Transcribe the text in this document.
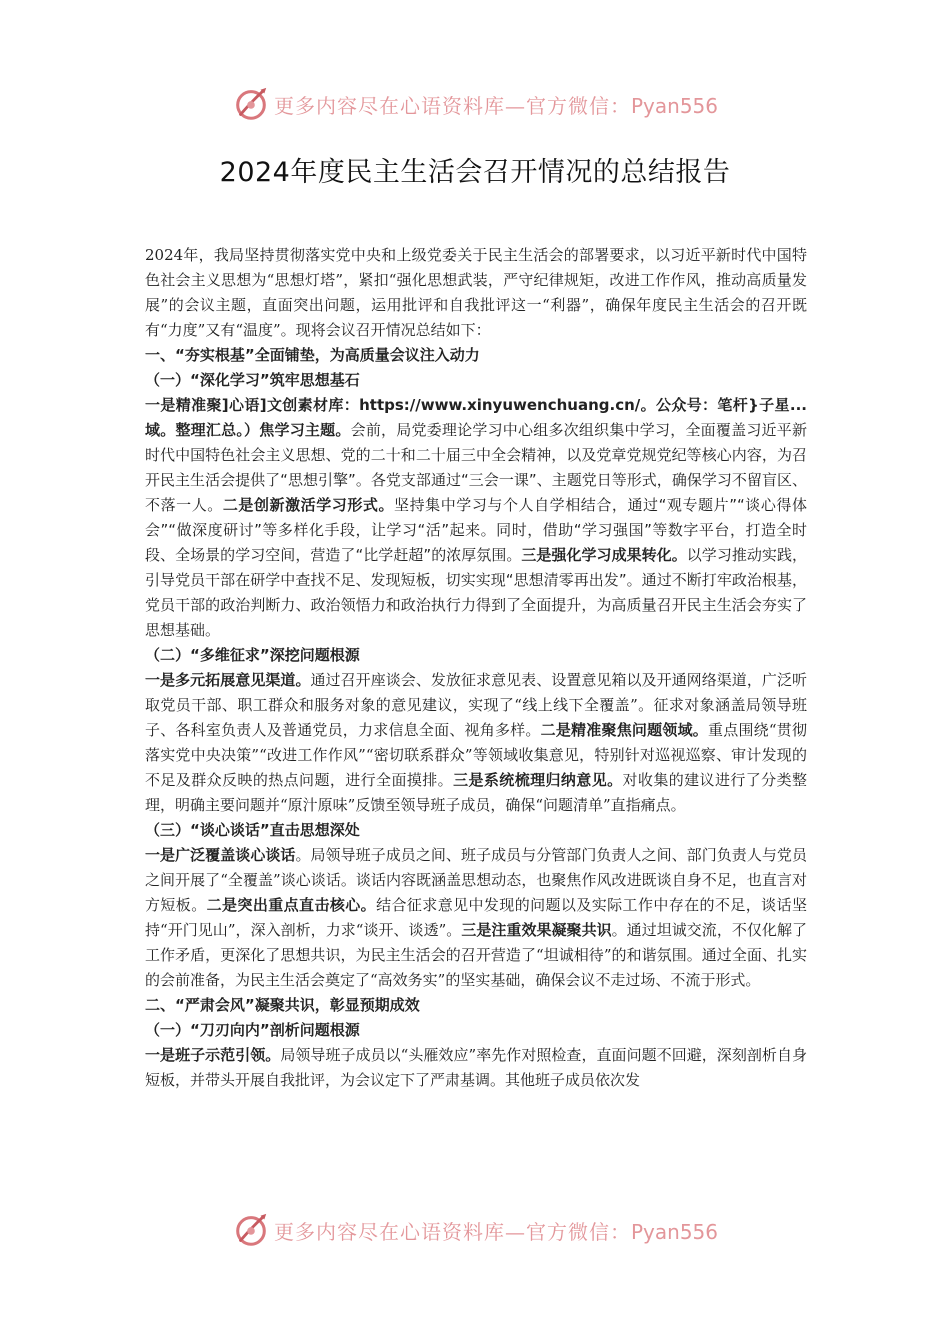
更多内容尽在心语资料库—官方微信：Pyan556
2024年度民主生活会召开情况的总结报告

2024年，我局坚持贯彻落实党中央和上级党委关于民主生活会的部署要求，以习近平新时代中国特色社会主义思想为“思想灯塔”，紧扣“强化思想武装，严守纪律规矩，改进工作作风，推动高质量发展”的会议主题，直面突出问题，运用批评和自我批评这一“利器”，确保年度民主生活会的召开既有“力度”又有“温度”。现将会议召开情况总结如下：

一、“夯实根基”全面铺垫，为高质量会议注入动力

（一）“深化学习”筑牢思想基石

一是精准聚]心语]文创素材库：https://www.xinyuwenchuang.cn/。公众号：笔杆}子星...域。整理汇总。）焦学习主题。会前，局党委理论学习中心组多次组织集中学习，全面覆盖习近平新时代中国特色社会主义思想、党的二十和二十届三中全会精神，以及党章党规党纪等核心内容，为召开民主生活会提供了“思想引擎”。各党支部通过“三会一课”、主题党日等形式，确保学习不留盲区、不落一人。二是创新激活学习形式。坚持集中学习与个人自学相结合，通过“观专题片”“谈心得体会”“做深度研讨”等多样化手段，让学习“活”起来。同时，借助“学习强国”等数字平台，打造全时段、全场景的学习空间，营造了“比学赶超”的浓厚氛围。三是强化学习成果转化。以学习推动实践，引导党员干部在研学中查找不足、发现短板，切实实现“思想清零再出发”。通过不断打牢政治根基，党员干部的政治判断力、政治领悟力和政治执行力得到了全面提升，为高质量召开民主生活会夯实了思想基础。

（二）“多维征求”深挖问题根源

一是多元拓展意见渠道。通过召开座谈会、发放征求意见表、设置意见箱以及开通网络渠道，广泛听取党员干部、职工群众和服务对象的意见建议，实现了“线上线下全覆盖”。征求对象涵盖局领导班子、各科室负责人及普通党员，力求信息全面、视角多样。二是精准聚焦问题领域。重点围绕“贯彻落实党中央决策”“改进工作作风”“密切联系群众”等领域收集意见，特别针对巡视巡察、审计发现的不足及群众反映的热点问题，进行全面摸排。三是系统梳理归纳意见。对收集的建议进行了分类整理，明确主要问题并“原汁原味”反馈至领导班子成员，确保“问题清单”直指痛点。

（三）“谈心谈话”直击思想深处

一是广泛覆盖谈心谈话。局领导班子成员之间、班子成员与分管部门负责人之间、部门负责人与党员之间开展了“全覆盖”谈心谈话。谈话内容既涵盖思想动态，也聚焦作风改进既谈自身不足，也直言对方短板。二是突出重点直击核心。结合征求意见中发现的问题以及实际工作中存在的不足，谈话坚持“开门见山”，深入剖析，力求“谈开、谈透”。三是注重效果凝聚共识。通过坦诚交流，不仅化解了工作矛盾，更深化了思想共识，为民主生活会的召开营造了“坦诚相待”的和谐氛围。通过全面、扎实的会前准备，为民主生活会奠定了“高效务实”的坚实基础，确保会议不走过场、不流于形式。

二、“严肃会风”凝聚共识，彰显预期成效

（一）“刀刃向内”剖析问题根源

一是班子示范引领。局领导班子成员以“头雁效应”率先作对照检查，直面问题不回避，深刻剖析自身短板，并带头开展自我批评，为会议定下了严肃基调。其他班子成员依次发

更多内容尽在心语资料库—官方微信：Pyan556
